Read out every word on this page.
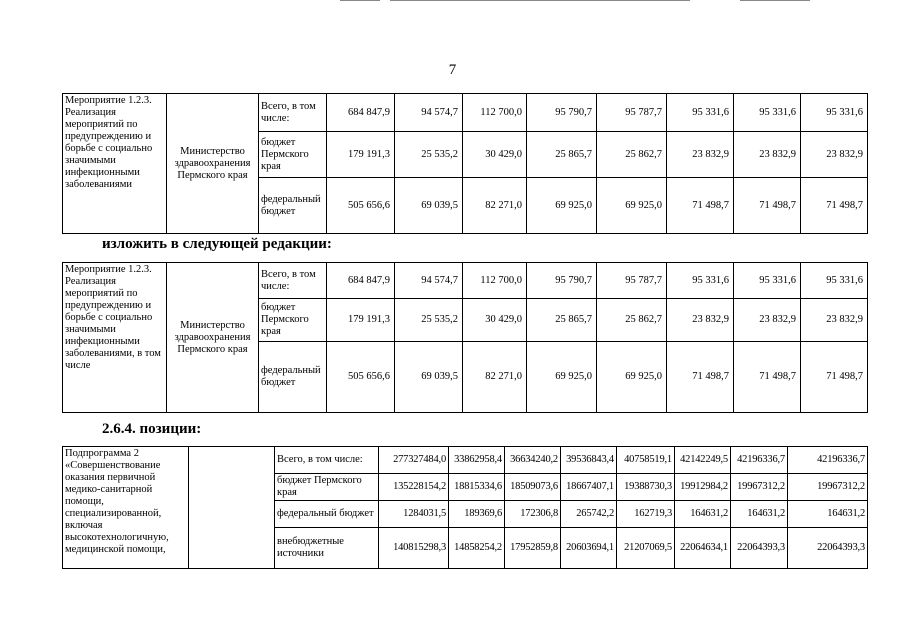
7
Мероприятие 1.2.3. Реализация мероприятий по предупреждению и борьбе с социально значимыми инфекционными заболеваниями	Министерство здравоохранения Пермского края	Всего, в том числе:	684 847,9	94 574,7	112 700,0	95 790,7	95 787,7	95 331,6	95 331,6	95 331,6
		бюджет Пермского края	179 191,3	25 535,2	30 429,0	25 865,7	25 862,7	23 832,9	23 832,9	23 832,9
		федеральный бюджет	505 656,6	69 039,5	82 271,0	69 925,0	69 925,0	71 498,7	71 498,7	71 498,7
изложить в следующей редакции:
Мероприятие 1.2.3. Реализация мероприятий по предупреждению и борьбе с социально значимыми инфекционными заболеваниями, в том числе	Министерство здравоохранения Пермского края	Всего, в том числе:	684 847,9	94 574,7	112 700,0	95 790,7	95 787,7	95 331,6	95 331,6	95 331,6
		бюджет Пермского края	179 191,3	25 535,2	30 429,0	25 865,7	25 862,7	23 832,9	23 832,9	23 832,9
		федеральный бюджет	505 656,6	69 039,5	82 271,0	69 925,0	69 925,0	71 498,7	71 498,7	71 498,7
2.6.4. позиции:
Подпрограмма 2 «Совершенствование оказания первичной медико-санитарной помощи, специализированной, включая высокотехнологичную, медицинской помощи,		Всего, в том числе:	277327484,0	33862958,4	36634240,2	39536843,4	40758519,1	42142249,5	42196336,7	42196336,7
		бюджет Пермского края	135228154,2	18815334,6	18509073,6	18667407,1	19388730,3	19912984,2	19967312,2	19967312,2
		федеральный бюджет	1284031,5	189369,6	172306,8	265742,2	162719,3	164631,2	164631,2	164631,2
		внебюджетные источники	140815298,3	14858254,2	17952859,8	20603694,1	21207069,5	22064634,1	22064393,3	22064393,3
